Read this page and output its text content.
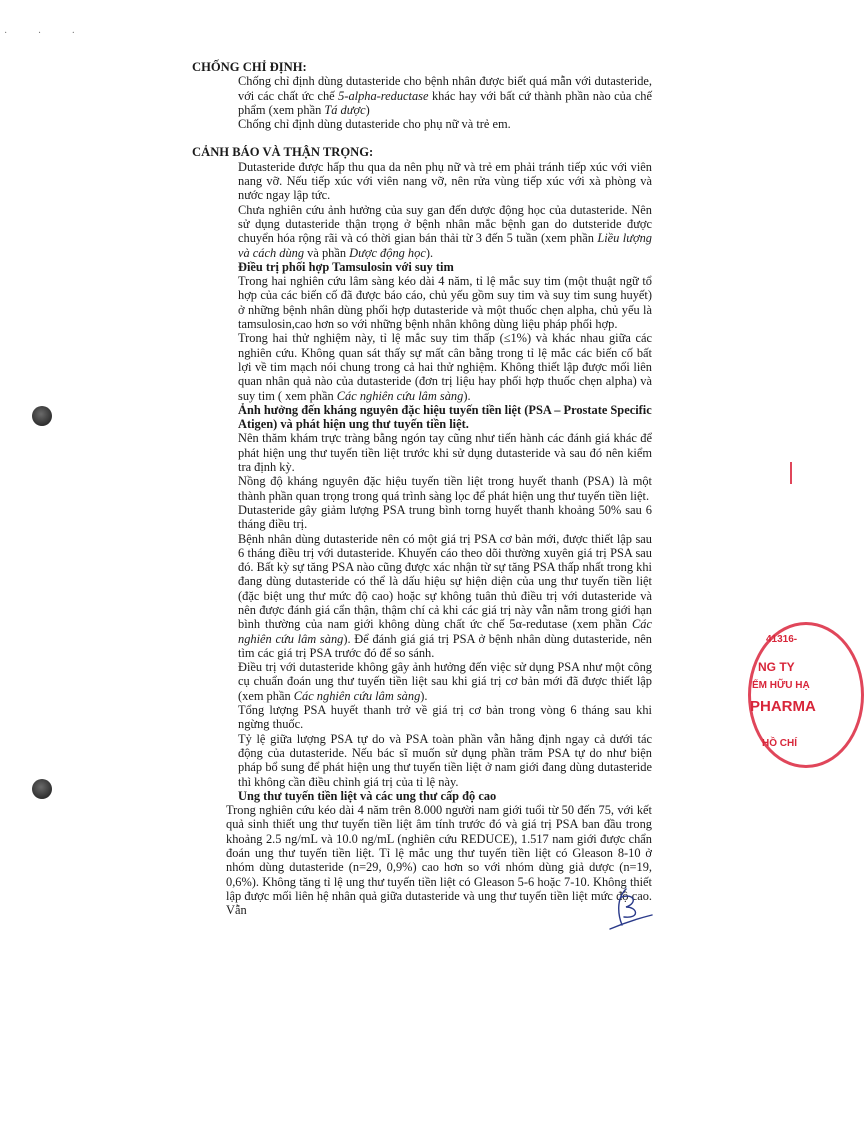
· · ·
CHỐNG CHỈ ĐỊNH:

Chống chỉ định dùng dutasteride cho bệnh nhân được biết quá mẫn với dutasteride, với các chất ức chế 5-alpha-reductase khác hay với bất cứ thành phần nào của chế phẩm (xem phần Tá dược)

Chống chỉ định dùng dutasteride cho phụ nữ và trẻ em.

CẢNH BÁO VÀ THẬN TRỌNG:

Dutasteride được hấp thu qua da nên phụ nữ và trẻ em phải tránh tiếp xúc với viên nang vỡ. Nếu tiếp xúc với viên nang vỡ, nên rửa vùng tiếp xúc với xà phòng và nước ngay lập tức.

Chưa nghiên cứu ảnh hưởng của suy gan đến dược động học của dutasteride. Nên sử dụng dutasteride thận trọng ở bệnh nhân mắc bệnh gan do dutsteride được chuyển hóa rộng rãi và có thời gian bán thải từ 3 đến 5 tuần (xem phần Liều lượng và cách dùng và phần Dược động học).

Điều trị phối hợp Tamsulosin với suy tim

Trong hai nghiên cứu lâm sàng kéo dài 4 năm, tỉ lệ mắc suy tim (một thuật ngữ tổ hợp của các biến cố đã được báo cáo, chủ yếu gồm suy tim và suy tim sung huyết) ở những bệnh nhân dùng phối hợp dutasteride và một thuốc chẹn alpha, chủ yếu là tamsulosin,cao hơn so với những bệnh nhân không dùng liệu pháp phối hợp.

Trong hai thử nghiệm này, tỉ lệ mắc suy tim thấp (≤1%) và khác nhau giữa các nghiên cứu. Không quan sát thấy sự mất cân bằng trong tỉ lệ mắc các biến cố bất lợi về tim mạch nói chung trong cả hai thử nghiệm. Không thiết lập được mối liên quan nhân quả nào của dutasteride (đơn trị liệu hay phối hợp thuốc chẹn alpha) và suy tim ( xem phần Các nghiên cứu lâm sàng).

Ảnh hưởng đến kháng nguyên đặc hiệu tuyến tiền liệt (PSA – Prostate Specific Atigen) và phát hiện ung thư tuyến tiền liệt.

Nên thăm khám trực tràng bằng ngón tay cũng như tiến hành các đánh giá khác để phát hiện ung thư tuyến tiền liệt trước khi sử dụng dutasteride và sau đó nên kiểm tra định kỳ.

Nồng độ kháng nguyên đặc hiệu tuyến tiền liệt trong huyết thanh (PSA) là một thành phần quan trọng trong quá trình sàng lọc để phát hiện ung thư tuyến tiền liệt.

Dutasteride gây giảm lượng PSA trung bình torng huyết thanh khoảng 50% sau 6 tháng điều trị.

Bệnh nhân dùng dutasteride nên có một giá trị PSA cơ bản mới, được thiết lập sau 6 tháng điều trị với dutasteride. Khuyến cáo theo dõi thường xuyên giá trị PSA sau đó. Bất kỳ sự tăng PSA nào cũng được xác nhận từ sự tăng PSA thấp nhất trong khi đang dùng dutasteride có thể là dấu hiệu sự hiện diện của ung thư tuyến tiền liệt (đặc biệt ung thư mức độ cao) hoặc sự không tuân thủ điều trị với dutasteride và nên được đánh giá cẩn thận, thậm chí cả khi các giá trị này vẫn nằm trong giới hạn bình thường của nam giới không dùng chất ức chế 5α-redutase (xem phần Các nghiên cứu lâm sàng). Để đánh giá giá trị PSA ở bệnh nhân dùng dutasteride, nên tìm các giá trị PSA trước đó để so sánh.

Điều trị với dutasteride không gây ảnh hưởng đến việc sử dụng PSA như một công cụ chuẩn đoán ung thư tuyến tiền liệt sau khi giá trị cơ bản mới đã được thiết lập (xem phần Các nghiên cứu lâm sàng).

Tổng lượng PSA huyết thanh trở về giá trị cơ bản trong vòng 6 tháng sau khi ngừng thuốc.

Tỷ lệ giữa lượng PSA tự do và PSA toàn phần vẫn hằng định ngay cả dưới tác động của dutasteride. Nếu bác sĩ muốn sử dụng phần trăm PSA tự do như biện pháp bổ sung để phát hiện ung thư tuyến tiền liệt ở nam giới đang dùng dutasteride thì không cần điều chỉnh giá trị của tỉ lệ này.

Ung thư tuyến tiền liệt và các ung thư cấp độ cao

Trong nghiên cứu kéo dài 4 năm trên 8.000 người nam giới tuổi từ 50 đến 75, với kết quả sinh thiết ung thư tuyến tiền liệt âm tính trước đó và giá trị PSA ban đầu trong khoảng 2.5 ng/mL và 10.0 ng/mL (nghiên cứu REDUCE), 1.517 nam giới được chẩn đoán ung thư tuyến tiền liệt. Tỉ lệ mắc ung thư tuyến tiền liệt có Gleason 8-10 ở nhóm dùng dutasteride (n=29, 0,9%) cao hơn so với nhóm dùng giả dược (n=19, 0,6%). Không tăng tỉ lệ ung thư tuyến tiền liệt có Gleason 5-6 hoặc 7-10. Không thiết lập được mối liên hệ nhân quả giữa dutasteride và ung thư tuyến tiền liệt mức độ cao. Vẫn

41316-
NG TY
ỂM HỮU HẠ
PHARMA
HỒ CHÍ
